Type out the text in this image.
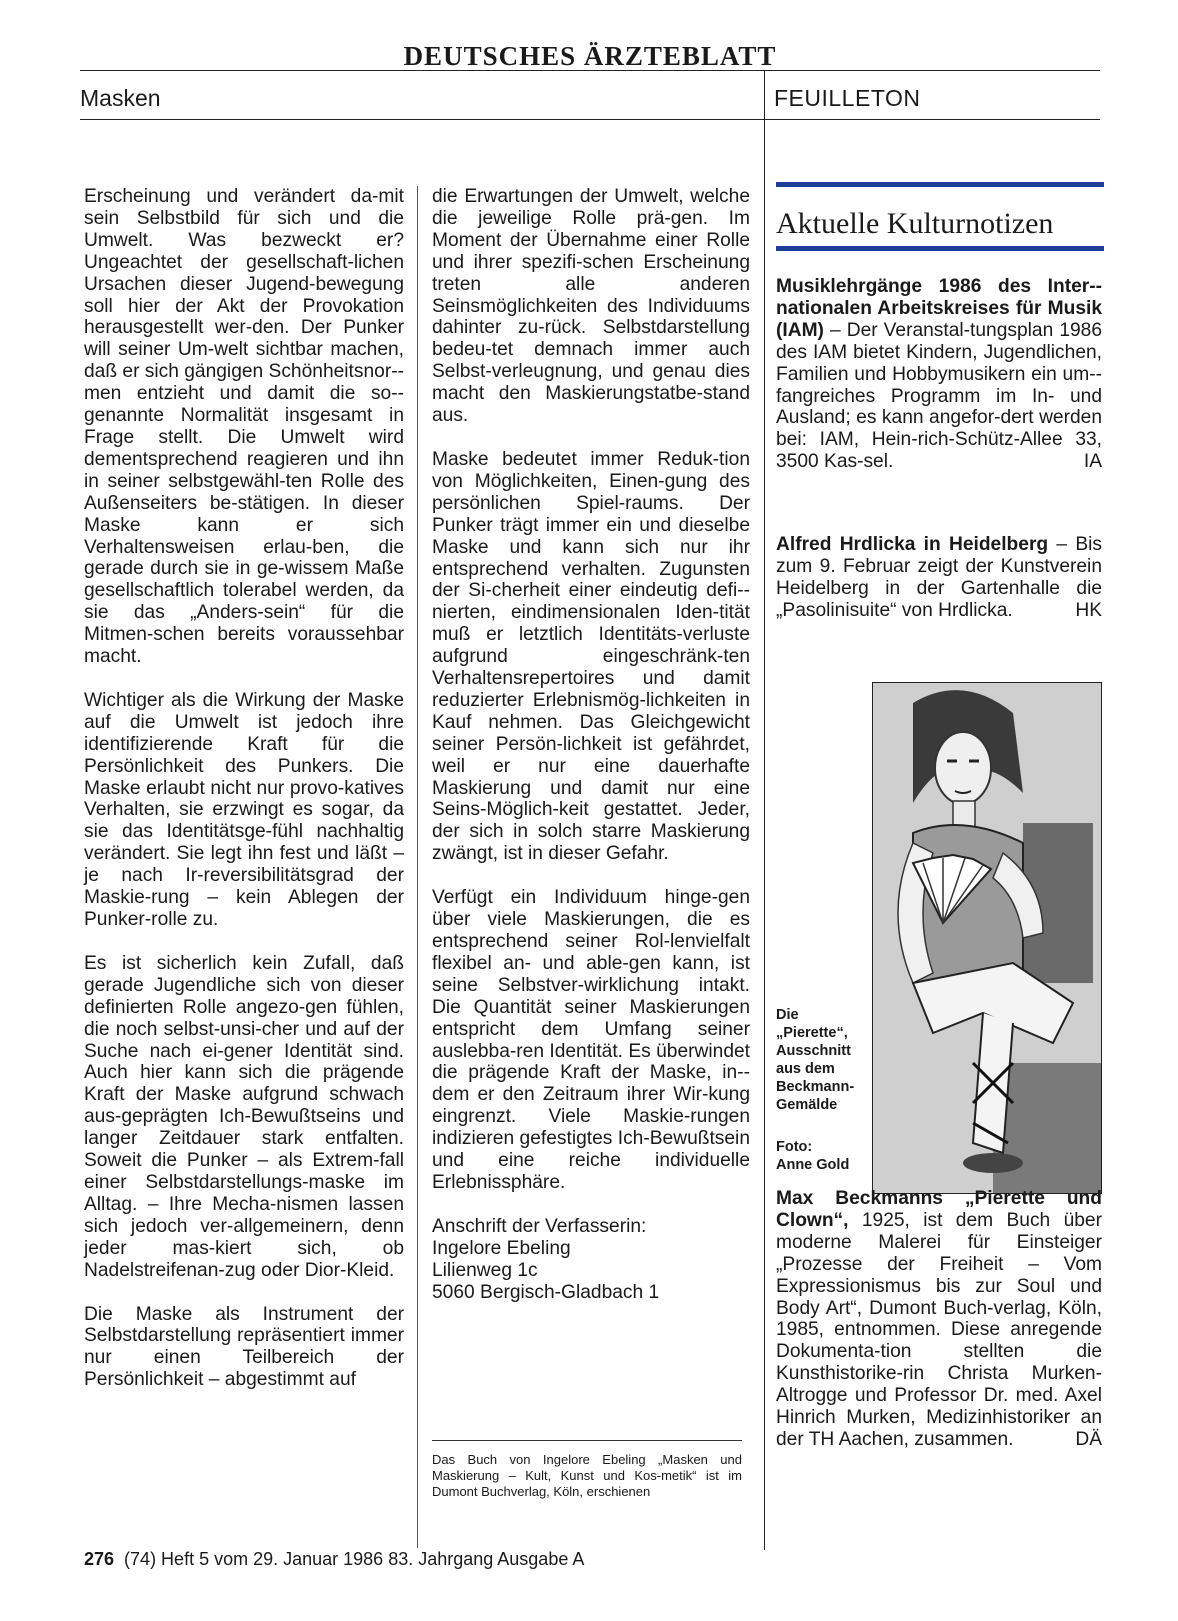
DEUTSCHES ÄRZTEBLATT
Masken	FEUILLETON

Erscheinung und verändert da-mit sein Selbstbild für sich und die Umwelt. Was bezweckt er? Ungeachtet der gesellschaft-lichen Ursachen dieser Jugend-bewegung soll hier der Akt der Provokation herausgestellt wer-den. Der Punker will seiner Um-welt sichtbar machen, daß er sich gängigen Schönheitsnor-men entzieht und damit die so-genannte Normalität insgesamt in Frage stellt. Die Umwelt wird dementsprechend reagieren und ihn in seiner selbstgewähl-ten Rolle des Außenseiters be-stätigen. In dieser Maske kann er sich Verhaltensweisen erlau-ben, die gerade durch sie in ge-wissem Maße gesellschaftlich tolerabel werden, da sie das „Anders-sein“ für die Mitmen-schen bereits voraussehbar macht.

Wichtiger als die Wirkung der Maske auf die Umwelt ist jedoch ihre identifizierende Kraft für die Persönlichkeit des Punkers. Die Maske erlaubt nicht nur provo-katives Verhalten, sie erzwingt es sogar, da sie das Identitätsge-fühl nachhaltig verändert. Sie legt ihn fest und läßt – je nach Ir-reversibilitätsgrad der Maskie-rung – kein Ablegen der Punker-rolle zu.

Es ist sicherlich kein Zufall, daß gerade Jugendliche sich von dieser definierten Rolle angezo-gen fühlen, die noch selbst-unsi-cher und auf der Suche nach ei-gener Identität sind. Auch hier kann sich die prägende Kraft der Maske aufgrund schwach aus-geprägten Ich-Bewußtseins und langer Zeitdauer stark entfalten. Soweit die Punker – als Extrem-fall einer Selbstdarstellungs-maske im Alltag. – Ihre Mecha-nismen lassen sich jedoch ver-allgemeinern, denn jeder mas-kiert sich, ob Nadelstreifenan-zug oder Dior-Kleid.

Die Maske als Instrument der Selbstdarstellung repräsentiert immer nur einen Teilbereich der Persönlichkeit – abgestimmt auf

die Erwartungen der Umwelt, welche die jeweilige Rolle prä-gen. Im Moment der Übernahme einer Rolle und ihrer spezifi-schen Erscheinung treten alle anderen Seinsmöglichkeiten des Individuums dahinter zu-rück. Selbstdarstellung bedeu-tet demnach immer auch Selbst-verleugnung, und genau dies macht den Maskierungstatbe-stand aus.

Maske bedeutet immer Reduk-tion von Möglichkeiten, Einen-gung des persönlichen Spiel-raums. Der Punker trägt immer ein und dieselbe Maske und kann sich nur ihr entsprechend verhalten. Zugunsten der Si-cherheit einer eindeutig defi-nierten, eindimensionalen Iden-tität muß er letztlich Identitäts-verluste aufgrund eingeschränk-ten Verhaltensrepertoires und damit reduzierter Erlebnismög-lichkeiten in Kauf nehmen. Das Gleichgewicht seiner Persön-lichkeit ist gefährdet, weil er nur eine dauerhafte Maskierung und damit nur eine Seins-Möglich-keit gestattet. Jeder, der sich in solch starre Maskierung zwängt, ist in dieser Gefahr.

Verfügt ein Individuum hinge-gen über viele Maskierungen, die es entsprechend seiner Rol-lenvielfalt flexibel an- und able-gen kann, ist seine Selbstver-wirklichung intakt. Die Quantität seiner Maskierungen entspricht dem Umfang seiner auslebba-ren Identität. Es überwindet die prägende Kraft der Maske, in-dem er den Zeitraum ihrer Wir-kung eingrenzt. Viele Maskie-rungen indizieren gefestigtes Ich-Bewußtsein und eine reiche individuelle Erlebnissphäre.

Anschrift der Verfasserin:

Ingelore Ebeling

Lilienweg 1c

5060 Bergisch-Gladbach 1

Das Buch von Ingelore Ebeling „Masken und Maskierung – Kult, Kunst und Kos-metik“ ist im Dumont Buchverlag, Köln, erschienen
Aktuelle Kulturnotizen
Musiklehrgänge 1986 des Inter-nationalen Arbeitskreises für Musik (IAM) – Der Veranstal-tungsplan 1986 des IAM bietet Kindern, Jugendlichen, Familien und Hobbymusikern ein um-fangreiches Programm im In- und Ausland; es kann angefor-dert werden bei: IAM, Hein-rich-Schütz-Allee 33, 3500 Kas-sel.	IA
Alfred Hrdlicka in Heidelberg – Bis zum 9. Februar zeigt der Kunstverein Heidelberg in der Gartenhalle die „Pasolinisuite“ von Hrdlicka.	HK
Die
„Pierette“,
Ausschnitt
aus dem
Beckmann-
Gemälde
Foto:
Anne Gold
Max Beckmanns „Pierette und Clown“, 1925, ist dem Buch über moderne Malerei für Einsteiger „Prozesse der Freiheit – Vom Expressionismus bis zur Soul und Body Art“, Dumont Buch-verlag, Köln, 1985, entnommen. Diese anregende Dokumenta-tion stellten die Kunsthistorike-rin Christa Murken-Altrogge und Professor Dr. med. Axel Hinrich Murken, Medizinhistoriker an der TH Aachen, zusammen.	DÄ
276 (74) Heft 5 vom 29. Januar 1986 83. Jahrgang Ausgabe A
